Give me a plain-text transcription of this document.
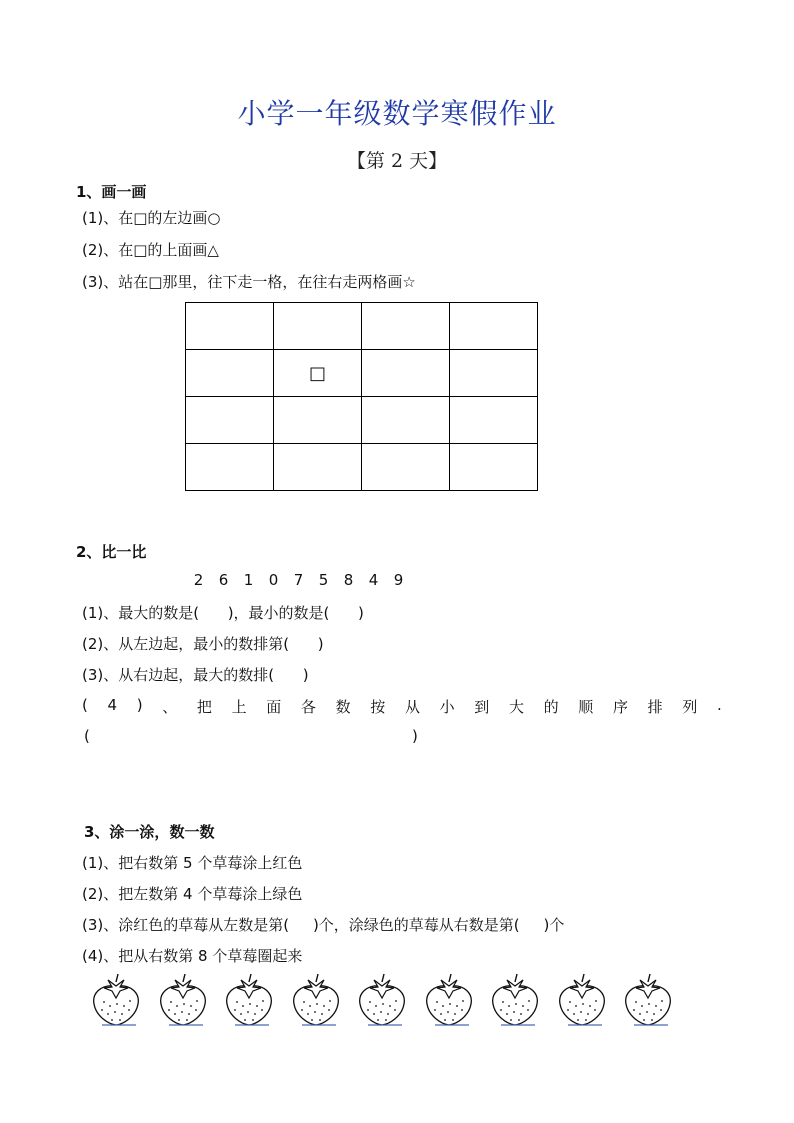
小学一年级数学寒假作业
【第 2 天】
1、画一画
(1)、在□的左边画○
(2)、在□的上面画△
(3)、站在□那里，往下走一格，在往右走两格画☆

	□		

2、比一比
2 6 1 0 7 5 8 4 9
(1)、最大的数是(      )，最小的数是(      )
(2)、从左边起，最小的数排第(      )
(3)、从右边起，最大的数排(      )
( 4 ) 、 把 上 面 各 数 按 从 小 到 大 的 顺 序 排 列 .
(	)
3、涂一涂，数一数
(1)、把右数第 5 个草莓涂上红色
(2)、把左数第 4 个草莓涂上绿色
(3)、涂红色的草莓从左数是第(     )个，涂绿色的草莓从右数是第(     )个
(4)、把从右数第 8 个草莓圈起来
